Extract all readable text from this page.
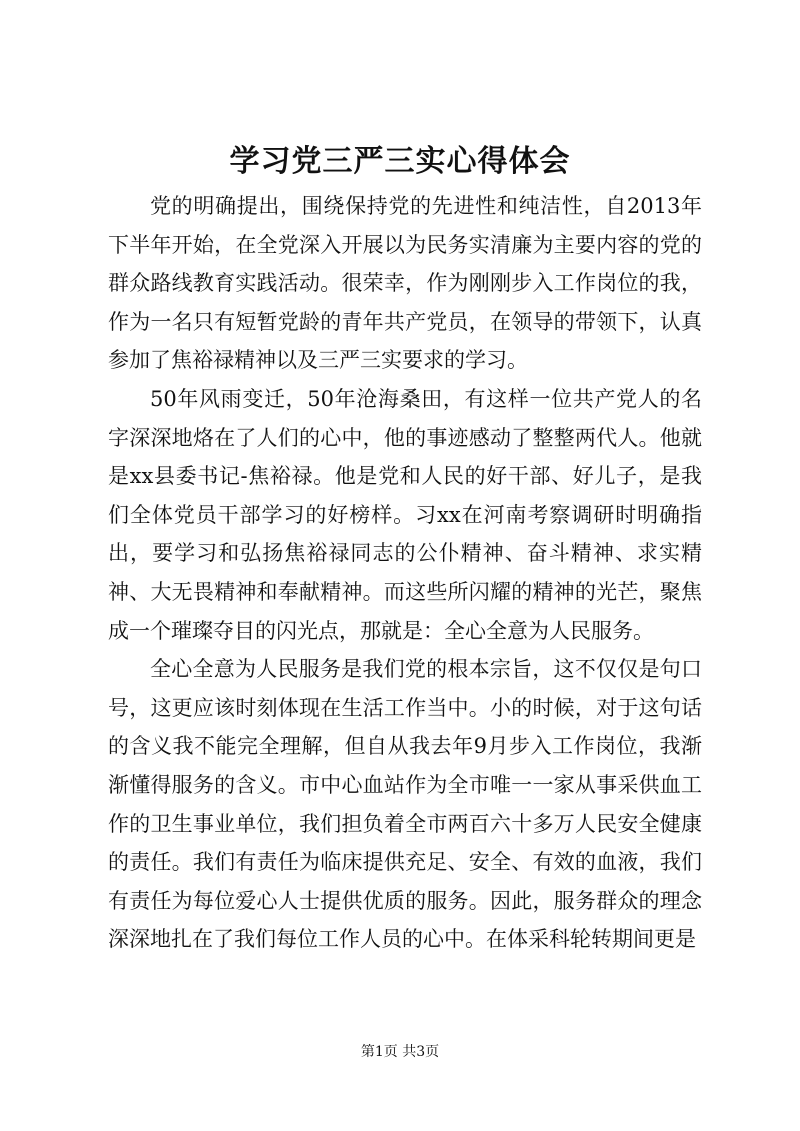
学习党三严三实心得体会

党的明确提出，围绕保持党的先进性和纯洁性，自2013年下半年开始，在全党深入开展以为民务实清廉为主要内容的党的群众路线教育实践活动。很荣幸，作为刚刚步入工作岗位的我，作为一名只有短暂党龄的青年共产党员，在领导的带领下，认真参加了焦裕禄精神以及三严三实要求的学习。

50年风雨变迁，50年沧海桑田，有这样一位共产党人的名字深深地烙在了人们的心中，他的事迹感动了整整两代人。他就是xx县委书记-焦裕禄。他是党和人民的好干部、好儿子，是我们全体党员干部学习的好榜样。习xx在河南考察调研时明确指出，要学习和弘扬焦裕禄同志的公仆精神、奋斗精神、求实精神、大无畏精神和奉献精神。而这些所闪耀的精神的光芒，聚焦成一个璀璨夺目的闪光点，那就是：全心全意为人民服务。

全心全意为人民服务是我们党的根本宗旨，这不仅仅是句口号，这更应该时刻体现在生活工作当中。小的时候，对于这句话的含义我不能完全理解，但自从我去年9月步入工作岗位，我渐渐懂得服务的含义。市中心血站作为全市唯一一家从事采供血工作的卫生事业单位，我们担负着全市两百六十多万人民安全健康的责任。我们有责任为临床提供充足、安全、有效的血液，我们有责任为每位爱心人士提供优质的服务。因此，服务群众的理念深深地扎在了我们每位工作人员的心中。在体采科轮转期间更是

第1页 共3页
